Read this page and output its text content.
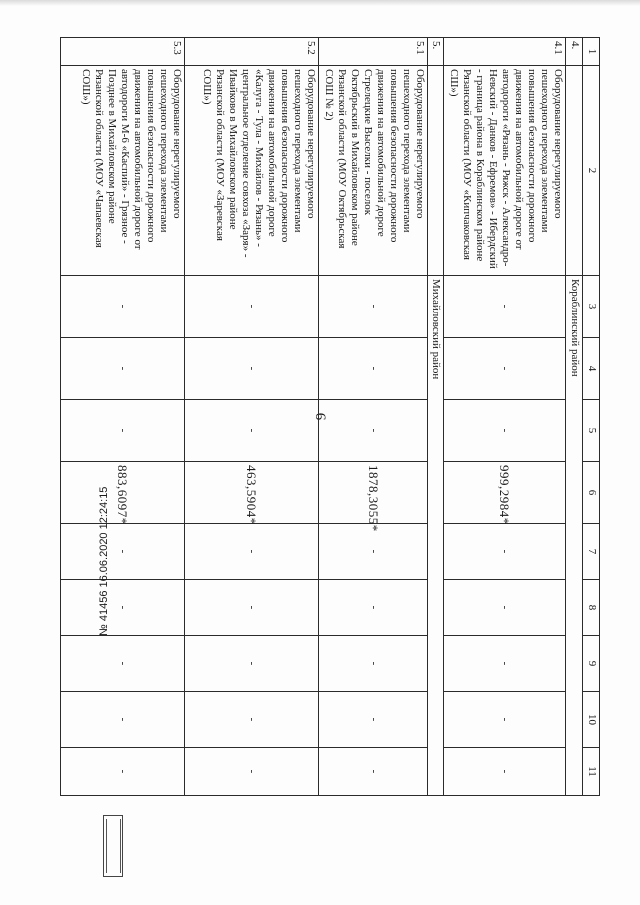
9
1	2	3	4	5	6	7	8	9	10	11
4.		Кораблинский район								
4.1	Оборудование нерегулируемого пешеходного перехода элементами повышения безопасности дорожного движения на автомобильной дороге от автодороги «Рязань - Ряжск - Александро-Невский - Данков - Ефремов» - Ибердский - граница района в Кораблинском районе Рязанской области (МОУ «Кипчаковская СШ»)	-	-	-	999,2984*	-	-	-	-	-
5.		Михайловский район								
5.1	Оборудование нерегулируемого пешеходного перехода элементами повышения безопасности дорожного движения на автомобильной дороге Стрелецкие Выселки - поселок Октябрьский в Михайловском районе Рязанской области (МОУ Октябрьская СОШ № 2)	-	-	-	1878,3055*	-	-	-	-	-
5.2	Оборудование нерегулируемого пешеходного перехода элементами повышения безопасности дорожного движения на автомобильной дороге «Калуга - Тула - Михайлов - Рязань» - центральное отделение совхоза «Заря» - Ивайково в Михайловском районе Рязанской области (МОУ «Заревская СОШ»)	-	-	-	463,5904*	-	-	-	-	-
5.3	Оборудование нерегулируемого пешеходного перехода элементами повышения безопасности дорожного движения на автомобильной дороге от автодороги М-6 «Каспий» - Грязное - Позднее в Михайловском районе Рязанской области (МОУ «Чапаевская СОШ»)	-	-	-	883,6097*	-	-	-	-	-
№ 41456 16.06.2020 12:24:15
